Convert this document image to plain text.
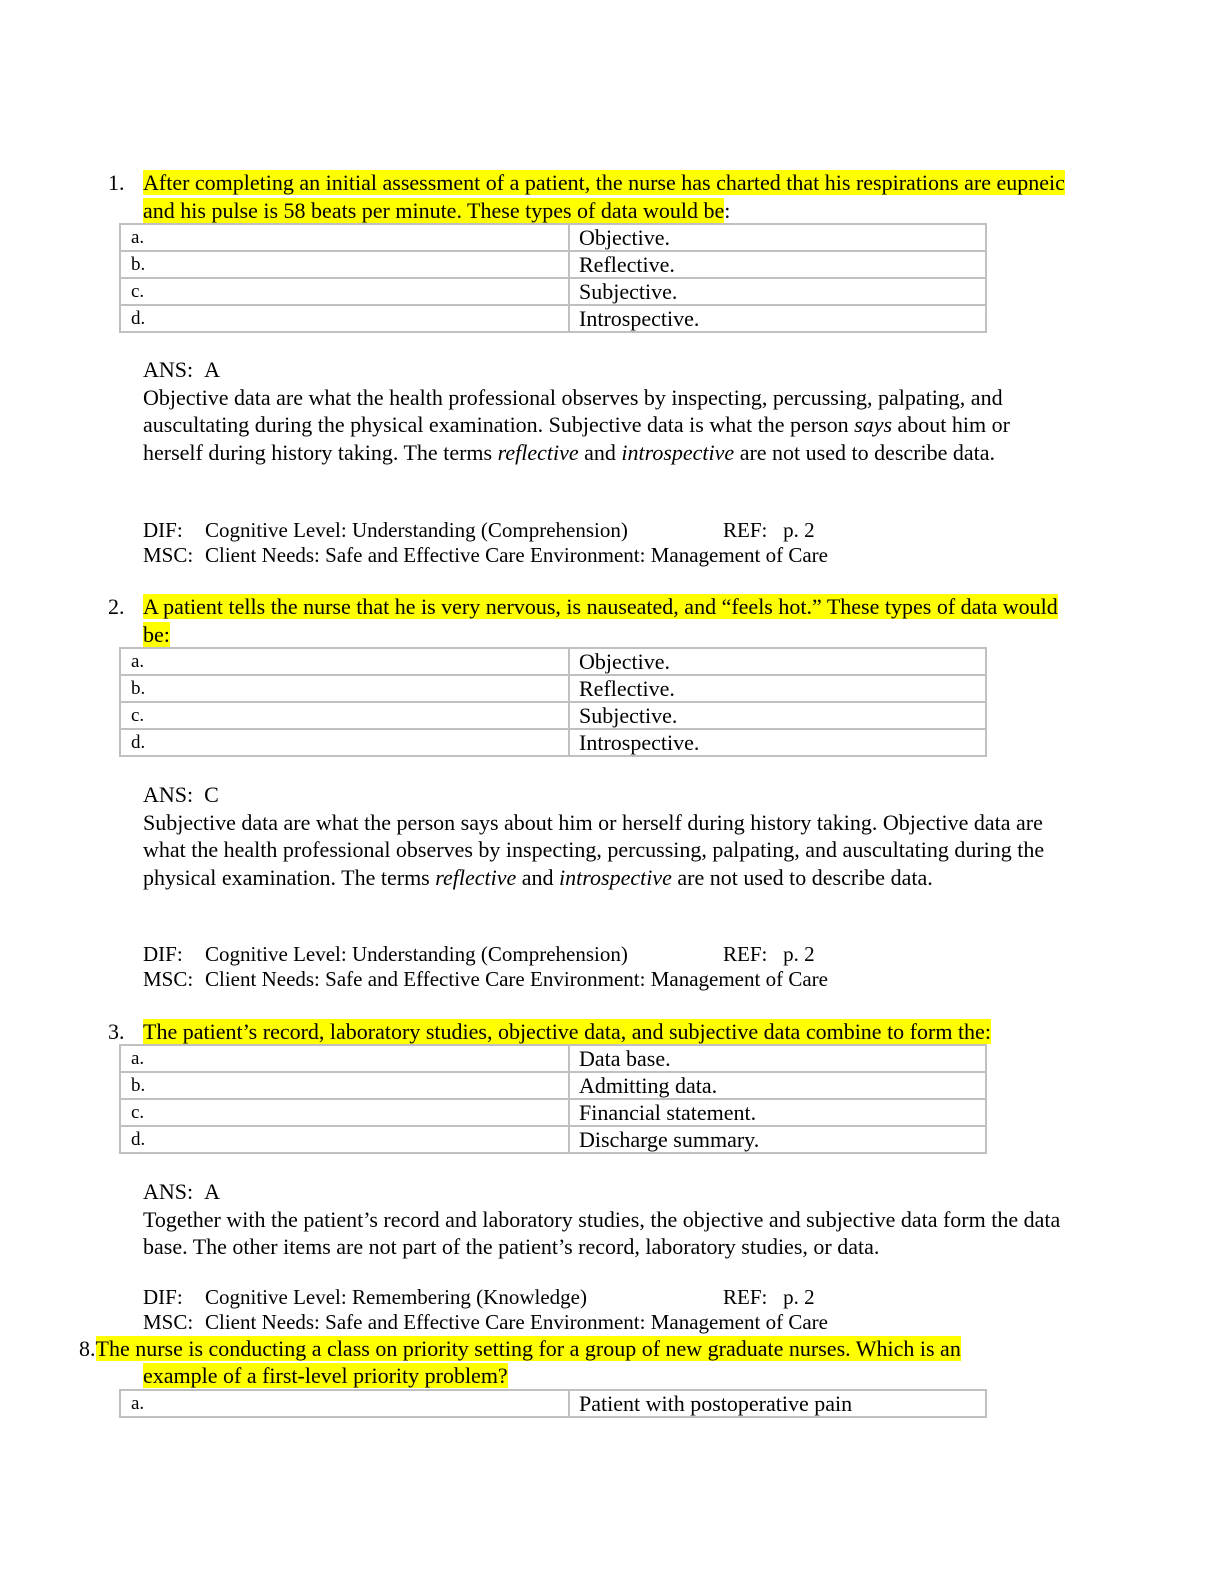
1. After completing an initial assessment of a patient, the nurse has charted that his respirations are eupneic and his pulse is 58 beats per minute. These types of data would be:
a.	Objective.
b.	Reflective.
c.	Subjective.
d.	Introspective.

ANS: A

Objective data are what the health professional observes by inspecting, percussing, palpating, and auscultating during the physical examination. Subjective data is what the person says about him or herself during history taking. The terms reflective and introspective are not used to describe data.
DIF: Cognitive Level: Understanding (Comprehension)	REF: p. 2
MSC: Client Needs: Safe and Effective Care Environment: Management of Care
2. A patient tells the nurse that he is very nervous, is nauseated, and “feels hot.” These types of data would be:
a.	Objective.
b.	Reflective.
c.	Subjective.
d.	Introspective.

ANS: C

Subjective data are what the person says about him or herself during history taking. Objective data are what the health professional observes by inspecting, percussing, palpating, and auscultating during the physical examination. The terms reflective and introspective are not used to describe data.
DIF: Cognitive Level: Understanding (Comprehension)	REF: p. 2
MSC: Client Needs: Safe and Effective Care Environment: Management of Care
3. The patient’s record, laboratory studies, objective data, and subjective data combine to form the:
a.	Data base.
b.	Admitting data.
c.	Financial statement.
d.	Discharge summary.

ANS: A

Together with the patient’s record and laboratory studies, the objective and subjective data form the data base. The other items are not part of the patient’s record, laboratory studies, or data.
DIF: Cognitive Level: Remembering (Knowledge)	REF: p. 2
MSC: Client Needs: Safe and Effective Care Environment: Management of Care
8.The nurse is conducting a class on priority setting for a group of new graduate nurses. Which is an
example of a first-level priority problem?
a.	Patient with postoperative pain
